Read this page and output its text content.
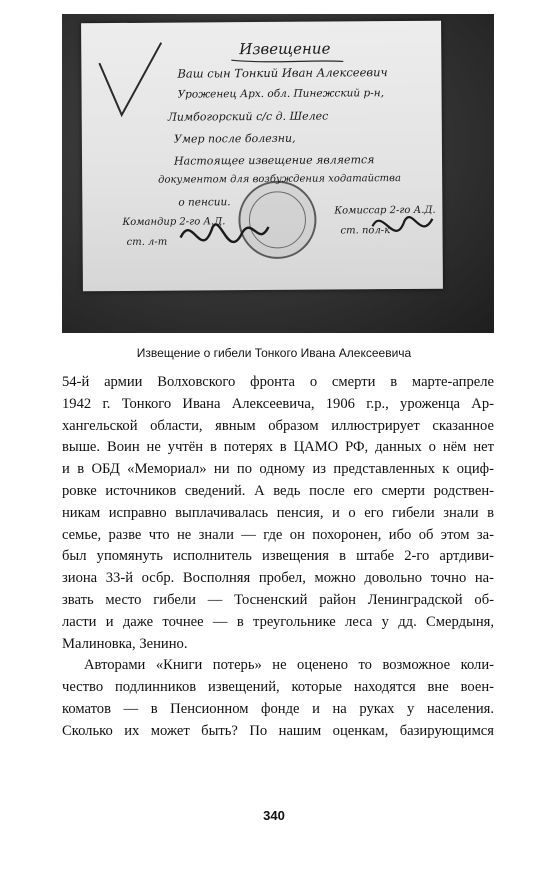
Извещение
Ваш сын Тонкий Иван Алексеевич
Уроженец Арх. обл. Пинежский р-н,
Лимбогорский с/с д. Шелес
Умер после болезни,
Настоящее извещение является
документом для возбуждения ходатайства
о пенсии.
Командир 2-го А.Д.
ст. л-т
Комиссар 2-го А.Д.
ст. пол-к
Извещение о гибели Тонкого Ивана Алексеевича
54-й армии Волховского фронта о смерти в марте-апреле
1942 г. Тонкого Ивана Алексеевича, 1906 г.р., уроженца Ар-
хангельской области, явным образом иллюстрирует сказанное
выше. Воин не учтён в потерях в ЦАМО РФ, данных о нём нет
и в ОБД «Мемориал» ни по одному из представленных к оциф-
ровке источников сведений. А ведь после его смерти родствен-
никам исправно выплачивалась пенсия, и о его гибели знали в
семье, разве что не знали — где он похоронен, ибо об этом за-
был упомянуть исполнитель извещения в штабе 2-го артдиви-
зиона 33-й осбр. Восполняя пробел, можно довольно точно на-
звать место гибели — Тосненский район Ленинградской об-
ласти и даже точнее — в треугольнике леса у дд. Смердыня,
Малиновка, Зенино.
Авторами «Книги потерь» не оценено то возможное коли-
чество подлинников извещений, которые находятся вне воен-
коматов — в Пенсионном фонде и на руках у населения.
Сколько их может быть? По нашим оценкам, базирующимся
340
